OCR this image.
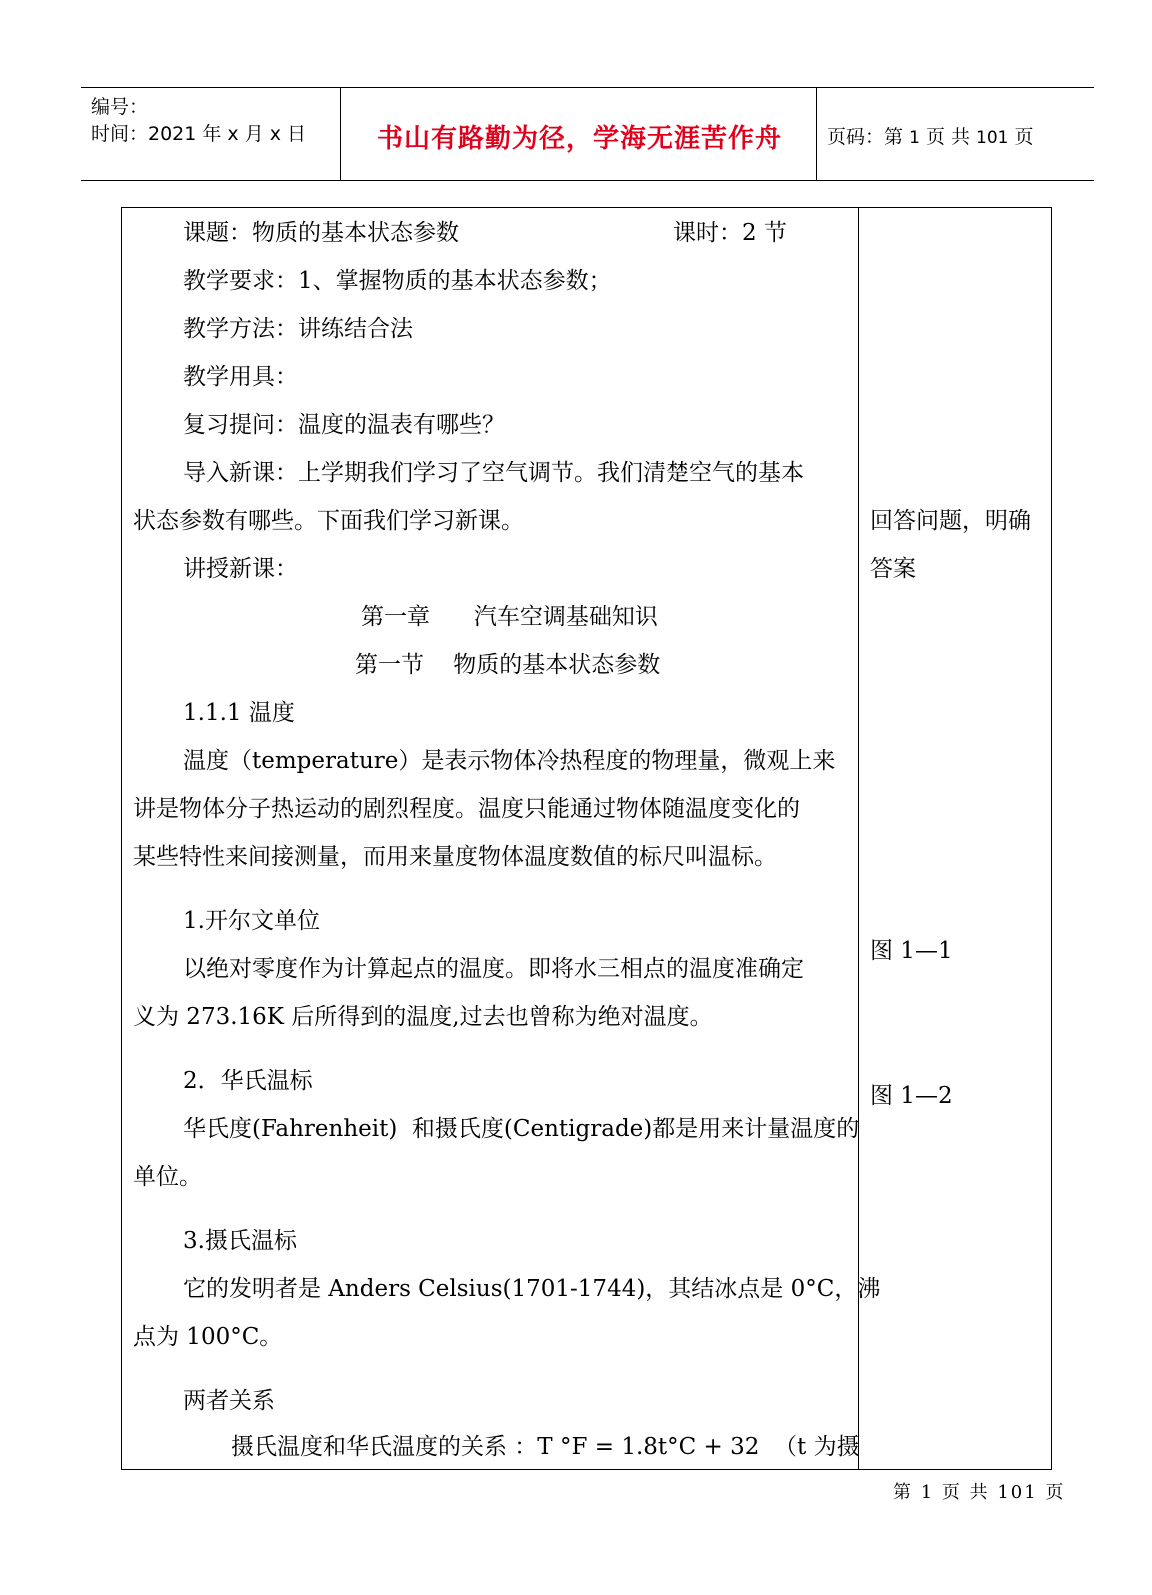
编号：
时间：2021 年 x 月 x 日	书山有路勤为径，学海无涯苦作舟	页码：第 1 页 共 101 页
课题：物质的基本状态参数	课时：2 节
教学要求：1、掌握物质的基本状态参数；
教学方法：讲练结合法
教学用具：
复习提问：温度的温表有哪些？
导入新课：上学期我们学习了空气调节。我们清楚空气的基本
状态参数有哪些。下面我们学习新课。
讲授新课：
第一章      汽车空调基础知识
第一节    物质的基本状态参数
1.1.1 温度
温度（temperature）是表示物体冷热程度的物理量，微观上来
讲是物体分子热运动的剧烈程度。温度只能通过物体随温度变化的
某些特性来间接测量，而用来量度物体温度数值的标尺叫温标。
1.开尔文单位
以绝对零度作为计算起点的温度。即将水三相点的温度准确定
义为 273.16K 后所得到的温度,过去也曾称为绝对温度。
2．华氏温标
华氏度(Fahrenheit)  和摄氏度(Centigrade)都是用来计量温度的
单位。
3.摄氏温标
它的发明者是 Anders Celsius(1701-1744)，其结冰点是 0°C，沸
点为 100°C。
两者关系
摄氏温度和华氏温度的关系 ：T °F = 1.8t°C + 32  （t 为摄
回答问题，明确
答案
图 1—1
图 1—2
第 1 页 共 101 页
